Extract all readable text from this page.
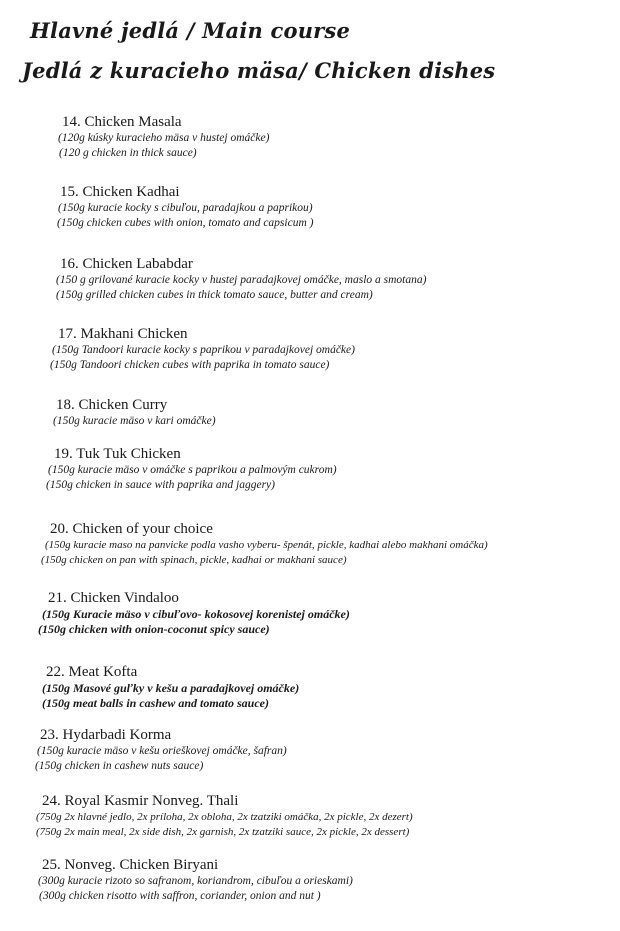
Hlavné jedlá / Main course
Jedlá z kuracieho mäsa/ Chicken dishes
14. Chicken Masala
(120g kúsky kuracieho mäsa v hustej omáčke)
(120 g chicken in thick sauce)
15. Chicken Kadhai
(150g kuracie kocky s cibuľou, paradajkou a paprikou)
(150g chicken cubes with onion, tomato and capsicum )
16. Chicken Lababdar
(150 g grilované kuracie kocky v hustej paradajkovej omáčke, maslo a smotana)
(150g grilled chicken cubes in thick tomato sauce, butter and cream)
17. Makhani Chicken
(150g Tandoori kuracie kocky s paprikou v paradajkovej omáčke)
(150g Tandoori chicken cubes with paprika in tomato sauce)
18. Chicken Curry
(150g kuracie mäso v kari omáčke)
19. Tuk Tuk Chicken
(150g kuracie mäso v omáčke s paprikou a palmovým cukrom)
(150g chicken in sauce with paprika and jaggery)
20. Chicken of your choice
(150g kuracie maso na panvicke podla vasho vyberu- špenát, pickle, kadhai alebo makhani omáčka)
(150g chicken on pan with spinach, pickle, kadhai or makhani sauce)
21. Chicken Vindaloo
(150g Kuracie mäso v cibuľovo- kokosovej korenistej omáčke)
(150g chicken with onion-coconut spicy sauce)
22. Meat Kofta
(150g Masové guľky v kešu a paradajkovej omáčke)
(150g meat balls in cashew and tomato sauce)
23. Hydarbadi Korma
(150g kuracie mäso v kešu orieškovej omáčke, šafran)
(150g chicken in cashew nuts sauce)
24. Royal Kasmir Nonveg. Thali
(750g 2x hlavné jedlo, 2x príloha, 2x obloha, 2x tzatziki omáčka, 2x pickle, 2x dezert)
(750g 2x main meal, 2x side dish, 2x garnish, 2x tzatziki sauce, 2x pickle, 2x dessert)
25. Nonveg. Chicken Biryani
(300g kuracie rizoto so safranom, koriandrom, cibuľou a orieskami)
(300g chicken risotto with saffron, coriander, onion and nut )
